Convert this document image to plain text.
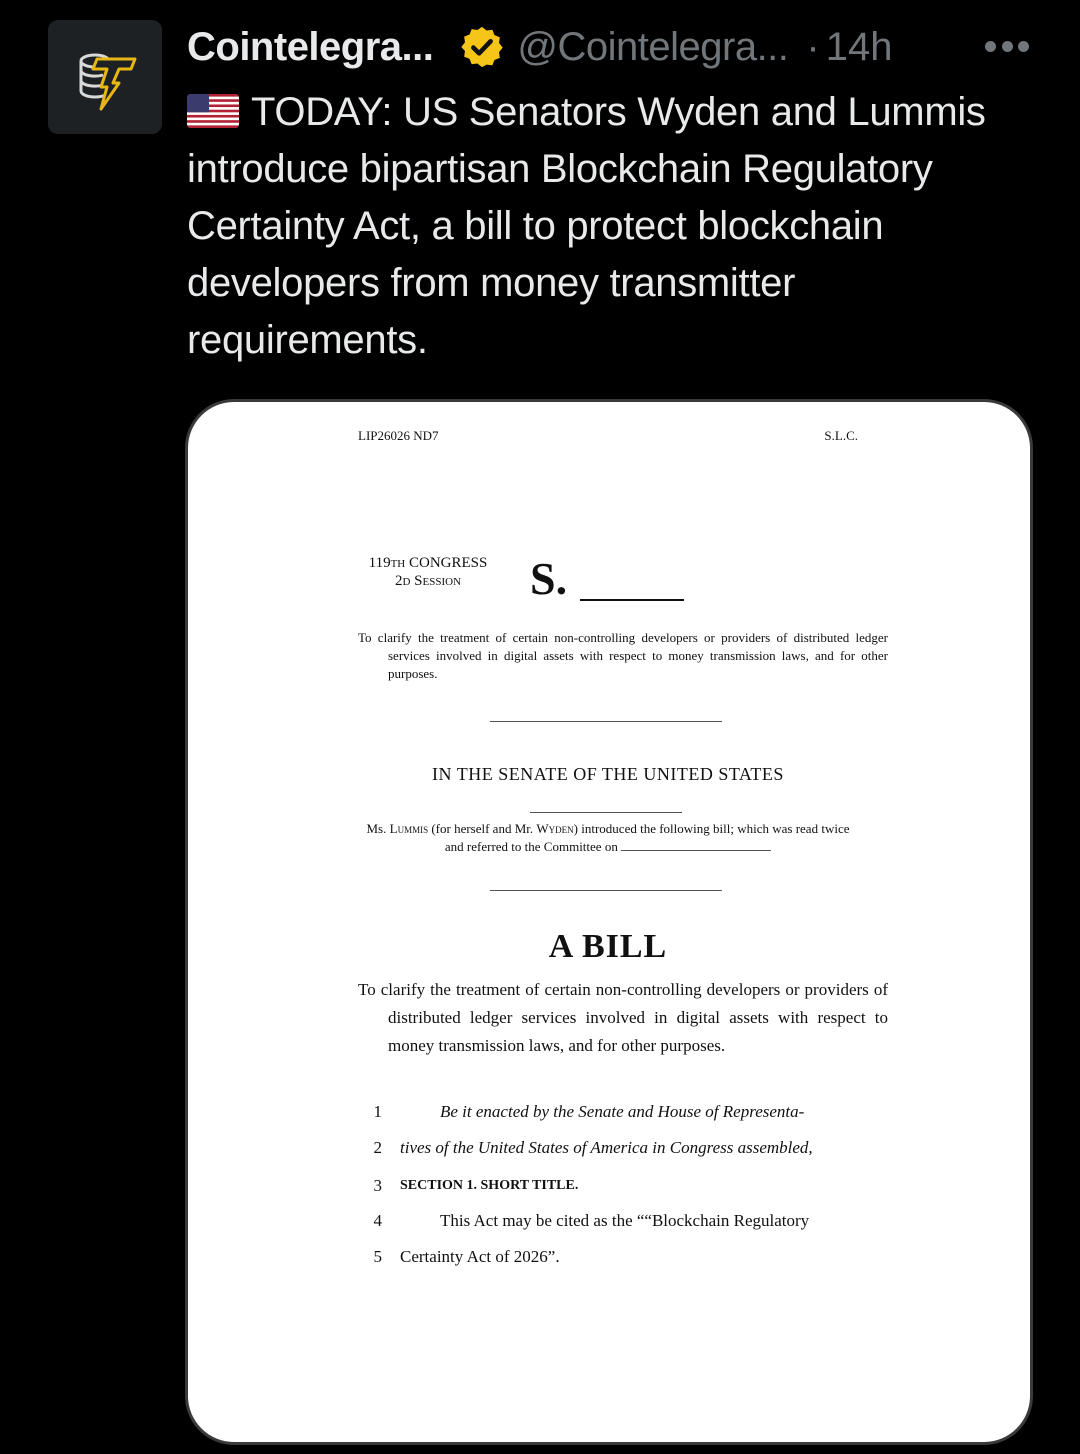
Cointelegra... @Cointelegra... · 14h
TODAY: US Senators Wyden and Lummis introduce bipartisan Blockchain Regulatory Certainty Act, a bill to protect blockchain developers from money transmitter requirements.
LIP26026 ND7	S.L.C.
119th CONGRESS
2d Session	S.
To clarify the treatment of certain non-controlling developers or providers of distributed ledger services involved in digital assets with respect to money transmission laws, and for other purposes.
IN THE SENATE OF THE UNITED STATES
Ms. Lummis (for herself and Mr. Wyden) introduced the following bill; which was read twice and referred to the Committee on
A BILL
To clarify the treatment of certain non-controlling developers or providers of distributed ledger services involved in digital assets with respect to money transmission laws, and for other purposes.
1	Be it enacted by the Senate and House of Representa-
2 tives of the United States of America in Congress assembled,
3 SECTION 1. SHORT TITLE.
4	This Act may be cited as the ““Blockchain Regulatory
5 Certainty Act of 2026”.
